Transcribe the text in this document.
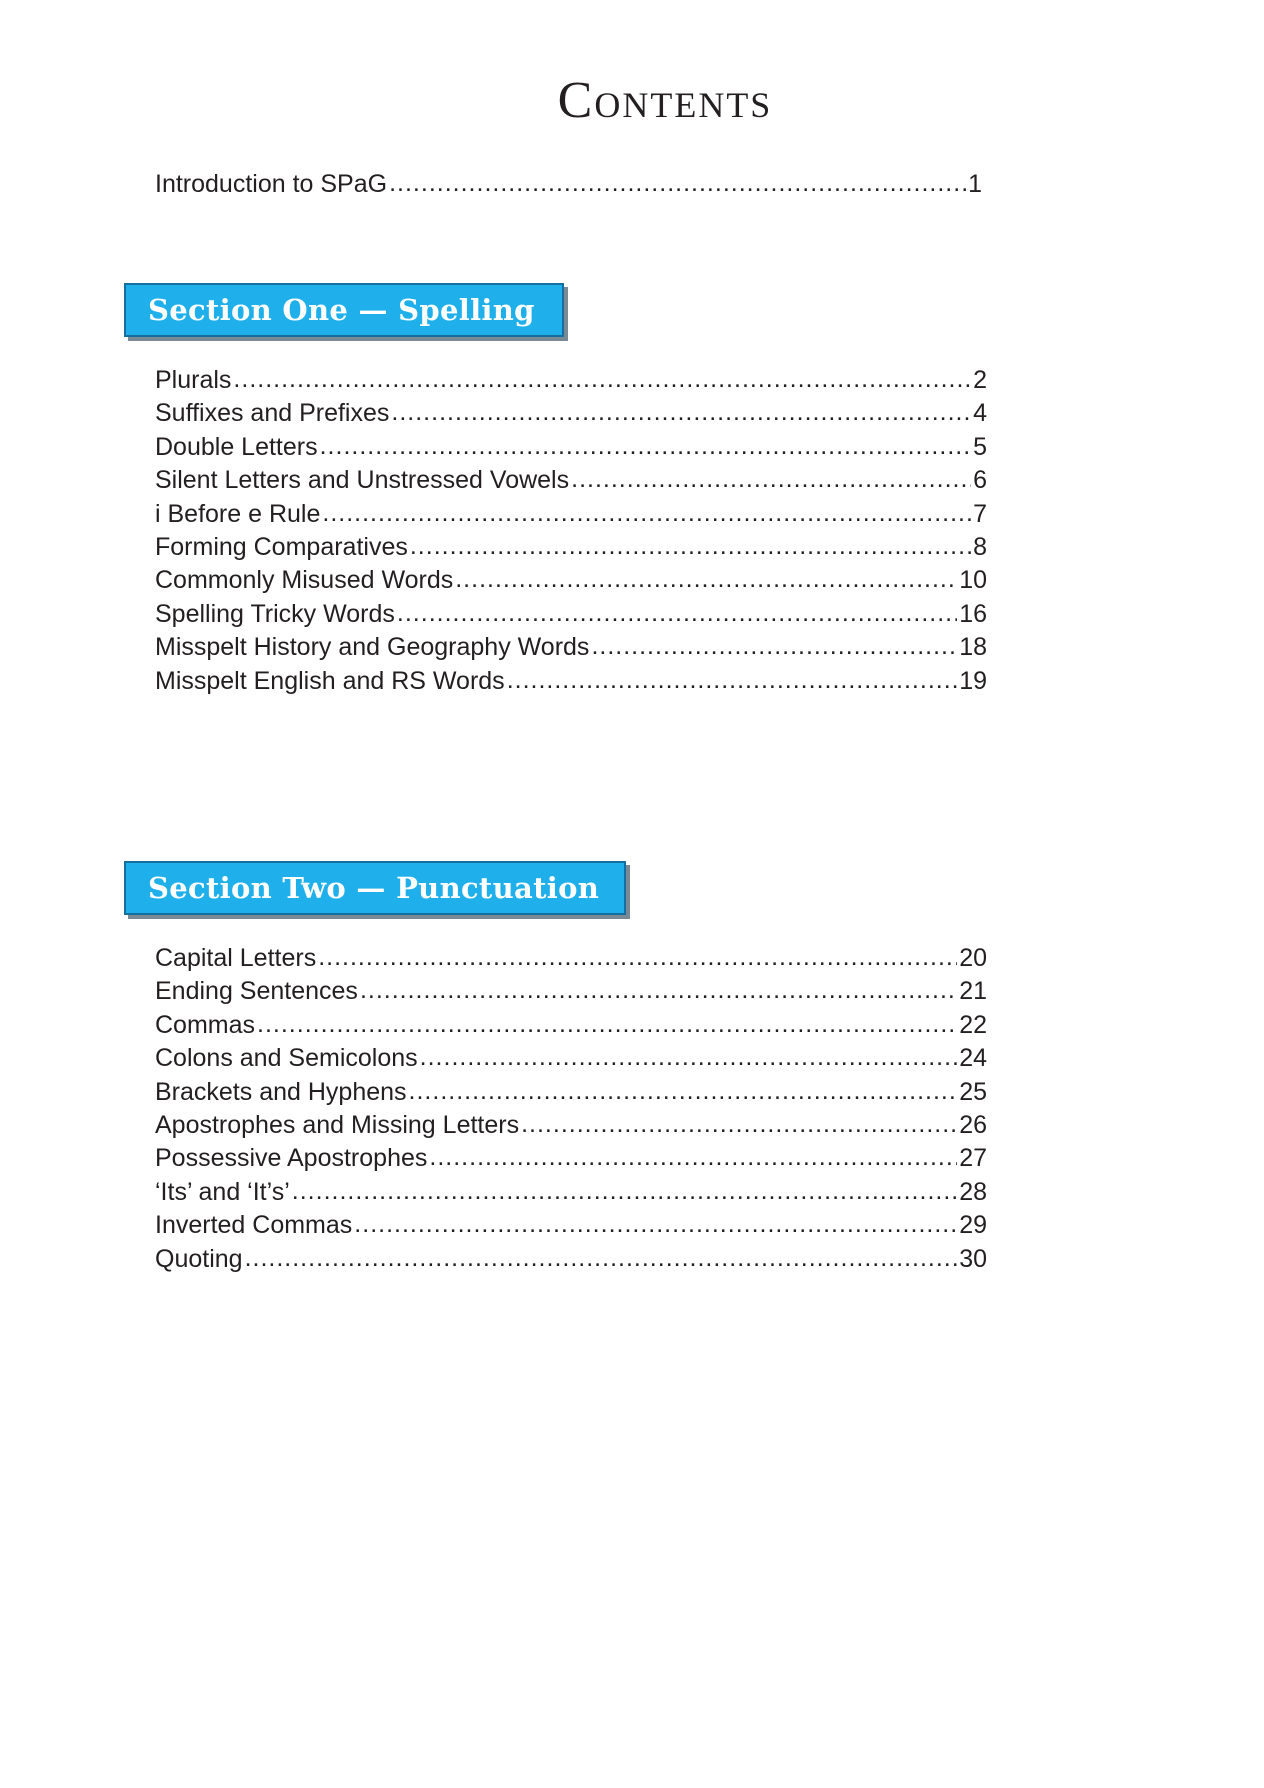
Contents
Introduction to SPaG .....	1
Section One — Spelling
Plurals .....	2
Suffixes and Prefixes .....	4
Double Letters .....	5
Silent Letters and Unstressed Vowels .....	6
i Before e Rule .....	7
Forming Comparatives .....	8
Commonly Misused Words .....	10
Spelling Tricky Words .....	16
Misspelt History and Geography Words .....	18
Misspelt English and RS Words .....	19
Section Two — Punctuation
Capital Letters .....	20
Ending Sentences .....	21
Commas .....	22
Colons and Semicolons .....	24
Brackets and Hyphens .....	25
Apostrophes and Missing Letters .....	26
Possessive Apostrophes .....	27
‘Its’ and ‘It’s’ .....	28
Inverted Commas .....	29
Quoting .....	30
